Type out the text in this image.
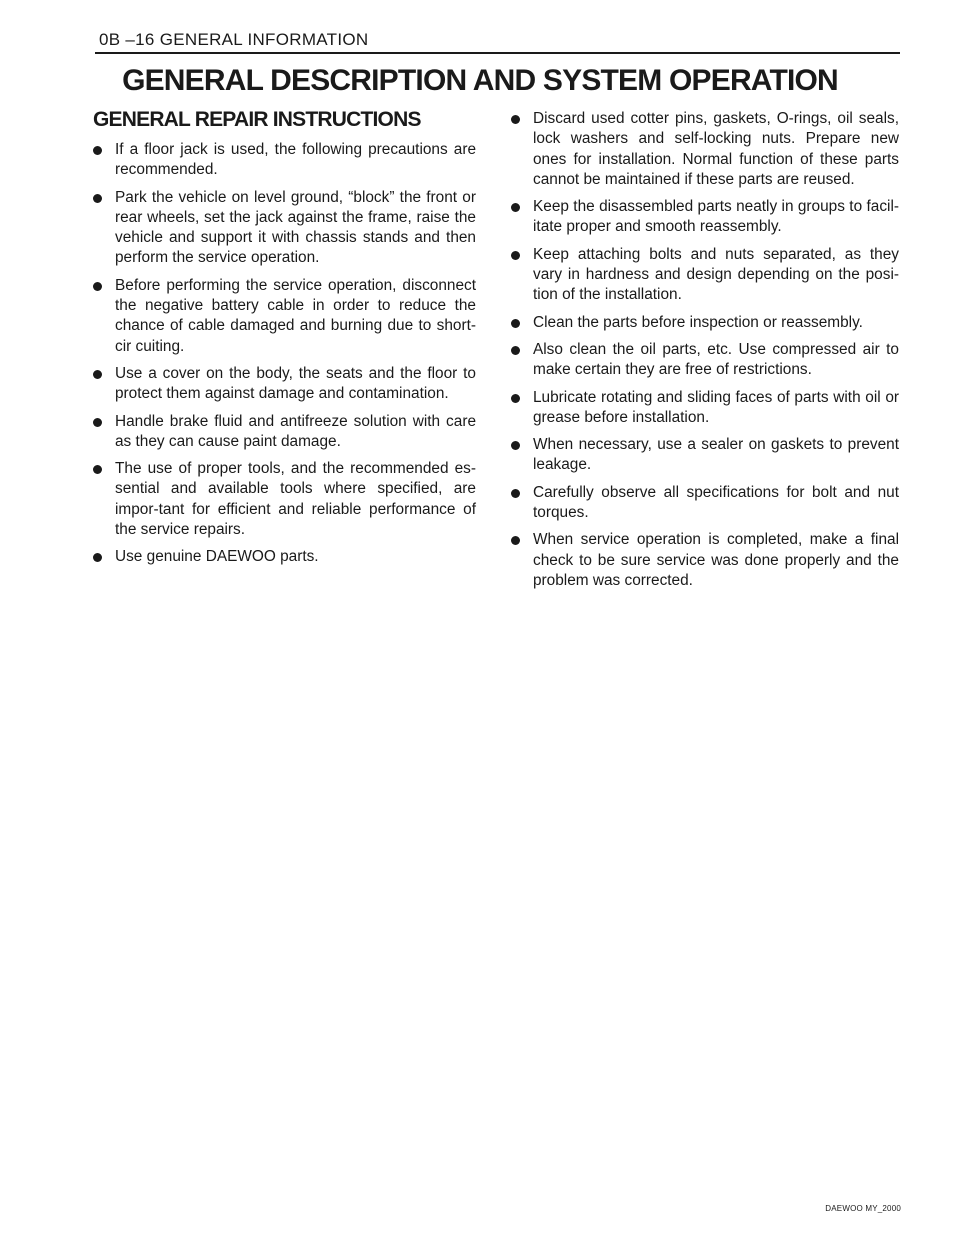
0B –16 GENERAL INFORMATION
GENERAL DESCRIPTION AND SYSTEM OPERATION
GENERAL REPAIR INSTRUCTIONS
If a floor jack is used, the following precautions are recommended.
Park the vehicle on level ground, “block” the front or rear wheels, set the jack against the frame, raise the vehicle and support it with chassis stands and then perform the service operation.
Before performing the service operation, disconnect the negative battery cable in order to reduce the chance of cable damaged and burning due to short-cir cuiting.
Use a cover on the body, the seats and the floor to protect them against damage and contamination.
Handle brake fluid and antifreeze solution with care as they can cause paint damage.
The use of proper tools, and the recommended es-sential and available tools where specified, are impor-tant for efficient and reliable performance of the service repairs.
Use genuine DAEWOO parts.
Discard used cotter pins, gaskets, O-rings, oil seals, lock washers and self-locking nuts. Prepare new ones for installation. Normal function of these parts cannot be maintained if these parts are reused.
Keep the disassembled parts neatly in groups to facil-itate proper and smooth reassembly.
Keep attaching bolts and nuts separated, as they vary in hardness and design depending on the posi-tion of the installation.
Clean the parts before inspection or reassembly.
Also clean the oil parts, etc. Use compressed air to make certain they are free of restrictions.
Lubricate rotating and sliding faces of parts with oil or grease before installation.
When necessary, use a sealer on gaskets to prevent leakage.
Carefully observe all specifications for bolt and nut torques.
When service operation is completed, make a final check to be sure service was done properly and the problem was corrected.
DAEWOO MY_2000
